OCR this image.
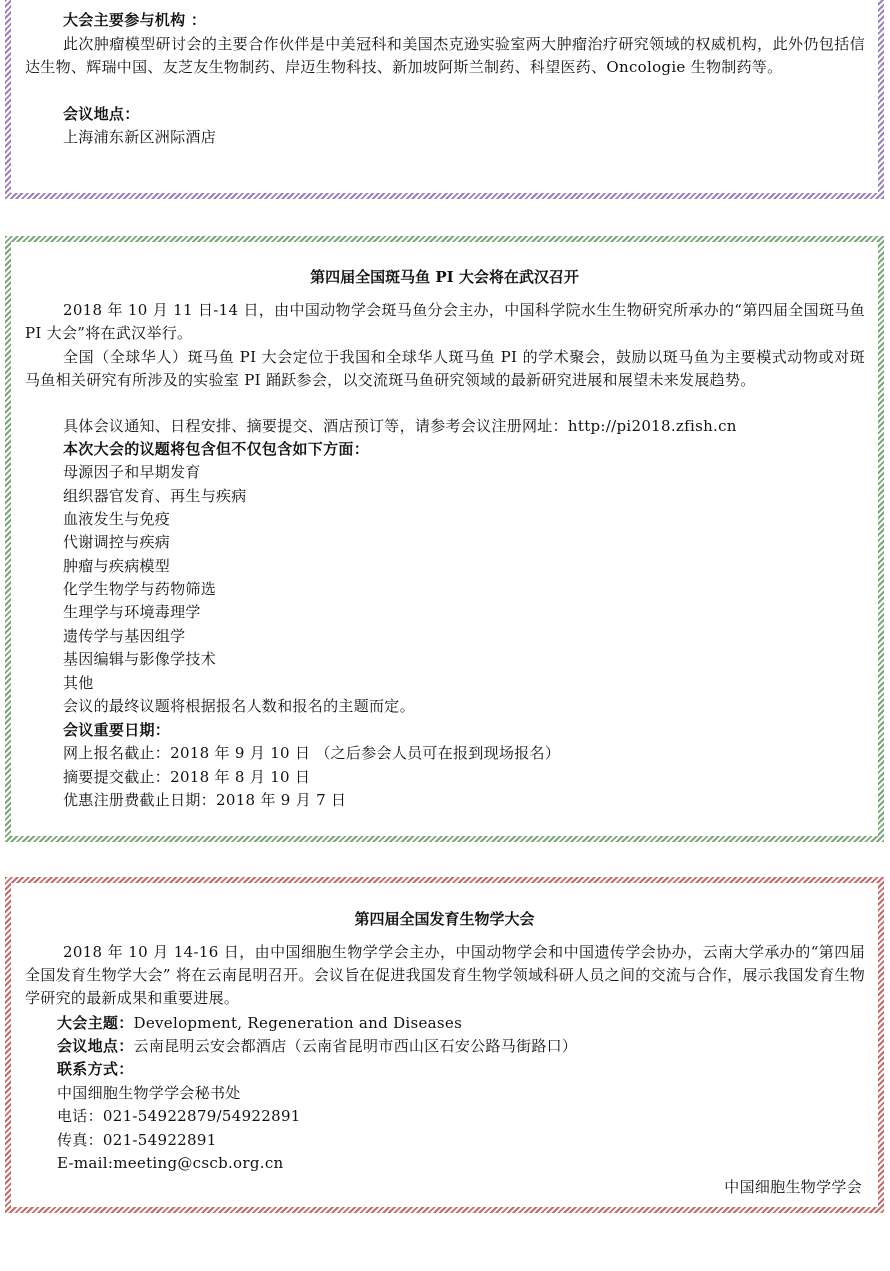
大会主要参与机构 ：
此次肿瘤模型研讨会的主要合作伙伴是中美冠科和美国杰克逊实验室两大肿瘤治疗研究领域的权威机构，此外仍包括信达生物、辉瑞中国、友芝友生物制药、岸迈生物科技、新加坡阿斯兰制药、科望医药、Oncologie 生物制药等。
会议地点：
上海浦东新区洲际酒店
第四届全国斑马鱼 PI 大会将在武汉召开
2018 年 10 月 11 日-14 日，由中国动物学会斑马鱼分会主办，中国科学院水生生物研究所承办的“第四届全国斑马鱼 PI 大会”将在武汉举行。
全国（全球华人）斑马鱼 PI 大会定位于我国和全球华人斑马鱼 PI 的学术聚会，鼓励以斑马鱼为主要模式动物或对斑马鱼相关研究有所涉及的实验室 PI 踊跃参会，以交流斑马鱼研究领域的最新研究进展和展望未来发展趋势。
具体会议通知、日程安排、摘要提交、酒店预订等，请参考会议注册网址：http://pi2018.zfish.cn
本次大会的议题将包含但不仅包含如下方面：
母源因子和早期发育
组织器官发育、再生与疾病
血液发生与免疫
代谢调控与疾病
肿瘤与疾病模型
化学生物学与药物筛选
生理学与环境毒理学
遗传学与基因组学
基因编辑与影像学技术
其他
会议的最终议题将根据报名人数和报名的主题而定。
会议重要日期：
网上报名截止：2018 年 9 月 10 日 （之后参会人员可在报到现场报名）
摘要提交截止：2018 年 8 月 10 日
优惠注册费截止日期：2018 年 9 月 7 日
第四届全国发育生物学大会
2018 年 10 月 14-16 日，由中国细胞生物学学会主办，中国动物学会和中国遗传学会协办，云南大学承办的“第四届全国发育生物学大会” 将在云南昆明召开。会议旨在促进我国发育生物学领域科研人员之间的交流与合作，展示我国发育生物学研究的最新成果和重要进展。
大会主题：Development, Regeneration and Diseases
会议地点：云南昆明云安会都酒店（云南省昆明市西山区石安公路马街路口）
联系方式：
中国细胞生物学学会秘书处
电话：021-54922879/54922891
传真：021-54922891
E-mail:meeting@cscb.org.cn
中国细胞生物学学会
